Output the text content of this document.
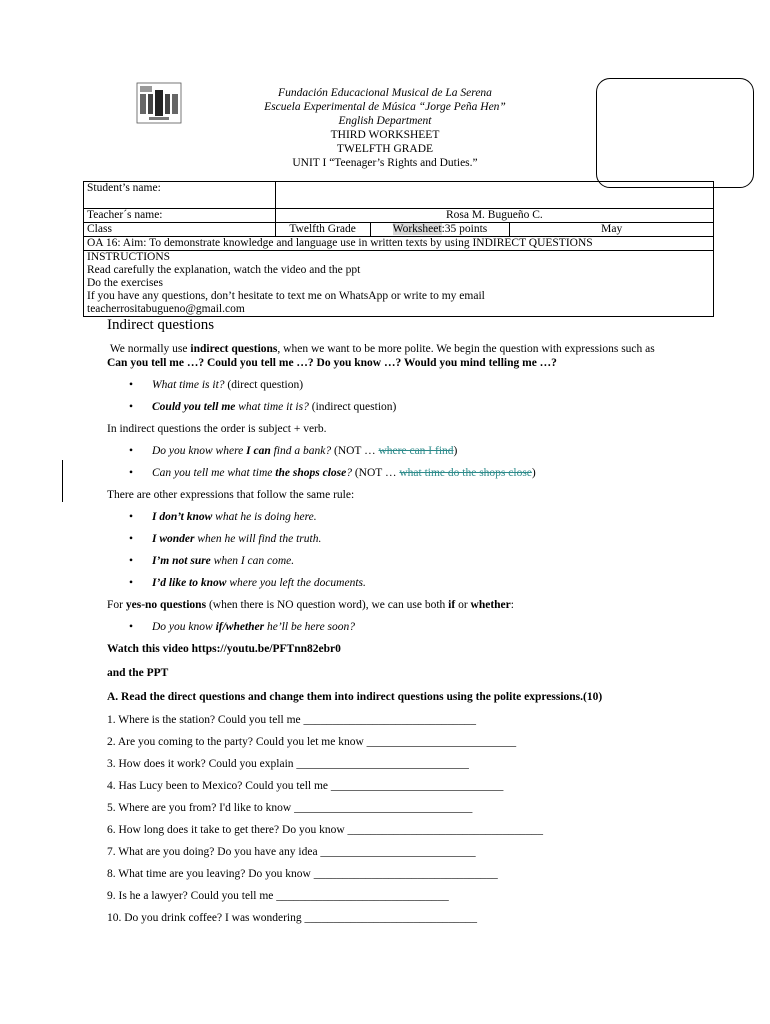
Fundación Educacional Musical de La Serena
Escuela Experimental de Música “Jorge Peña Hen”
English Department
THIRD WORKSHEET
TWELFTH GRADE
UNIT I “Teenager’s Rights and Duties.”
Student’s name:			
Teacher´s name:	Rosa M. Bugueño C.		
Class	Twelfth Grade	Worksheet:35 points	May
OA 16: Aim: To demonstrate knowledge and language use in written texts by using INDIRECT QUESTIONS			

INSTRUCTIONS
Read carefully the explanation, watch the video and the ppt
Do the exercises
If you have any questions, don’t hesitate to text me on WhatsApp or write to my email
teacherrositabugueno@gmail.com			
Indirect questions
We normally use indirect questions, when we want to be more polite. We begin the question with expressions such as Can you tell me …? Could you tell me …? Do you know …? Would you mind telling me …?
• What time is it? (direct question)
• Could you tell me what time it is? (indirect question)
In indirect questions the order is subject + verb.
• Do you know where I can find a bank? (NOT … where can I find)
• Can you tell me what time the shops close? (NOT … what time do the shops close)
There are other expressions that follow the same rule:
• I don’t know what he is doing here.
• I wonder when he will find the truth.
• I’m not sure when I can come.
• I’d like to know where you left the documents.
For yes-no questions (when there is NO question word), we can use both if or whether:
• Do you know if/whether he’ll be here soon?
Watch this video https://youtu.be/PFTnn82ebr0
and the PPT
A. Read the direct questions and change them into indirect questions using the polite expressions.(10)
1. Where is the station? Could you tell me ______________________________
2. Are you coming to the party? Could you let me know __________________________
3. How does it work? Could you explain ______________________________
4. Has Lucy been to Mexico? Could you tell me ______________________________
5. Where are you from? I'd like to know _______________________________
6. How long does it take to get there? Do you know __________________________________
7. What are you doing? Do you have any idea ___________________________
8. What time are you leaving? Do you know ________________________________
9. Is he a lawyer? Could you tell me ______________________________
10. Do you drink coffee? I was wondering ______________________________
